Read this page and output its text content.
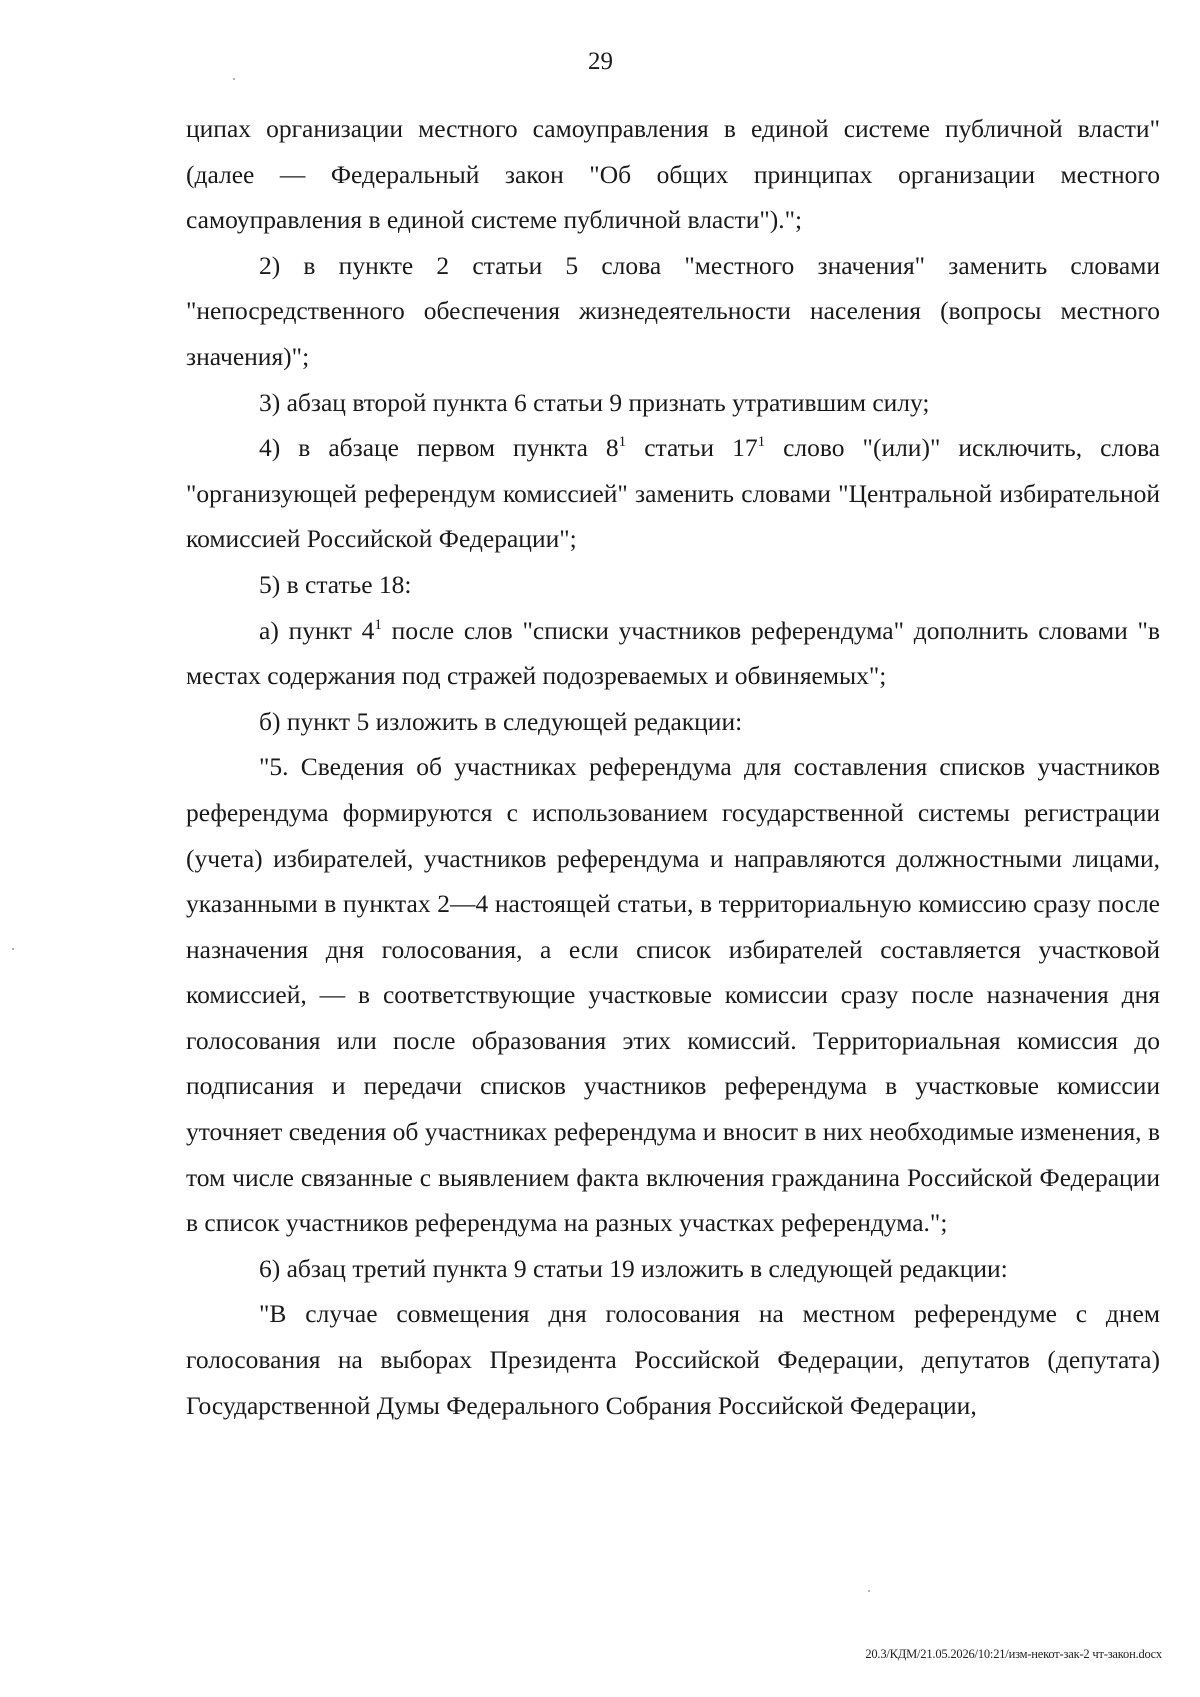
29

ципах организации местного самоуправления в единой системе публичной власти" (далее — Федеральный закон "Об общих принципах организации местного самоуправления в единой системе публичной власти").";

2) в пункте 2 статьи 5 слова "местного значения" заменить словами "непосредственного обеспечения жизнедеятельности населения (вопросы местного значения)";

3) абзац второй пункта 6 статьи 9 признать утратившим силу;

4) в абзаце первом пункта $8^1$ статьи $17^1$ слово "(или)" исключить, слова "организующей референдум комиссией" заменить словами "Центральной избирательной комиссией Российской Федерации";

5) в статье 18:

а) пункт $4^1$ после слов "списки участников референдума" дополнить словами "в местах содержания под стражей подозреваемых и обвиняемых";

б) пункт 5 изложить в следующей редакции:

"5. Сведения об участниках референдума для составления списков участников референдума формируются с использованием государственной системы регистрации (учета) избирателей, участников референдума и направляются должностными лицами, указанными в пунктах 2—4 настоящей статьи, в территориальную комиссию сразу после назначения дня голосования, а если список избирателей составляется участковой комиссией, — в соответствующие участковые комиссии сразу после назначения дня голосования или после образования этих комиссий. Территориальная комиссия до подписания и передачи списков участников референдума в участковые комиссии уточняет сведения об участниках референдума и вносит в них необходимые изменения, в том числе связанные с выявлением факта включения гражданина Российской Федерации в список участников референдума на разных участках референдума.";

6) абзац третий пункта 9 статьи 19 изложить в следующей редакции:

"В случае совмещения дня голосования на местном референдуме с днем голосования на выборах Президента Российской Федерации, депутатов (депутата) Государственной Думы Федерального Собрания Российской Федерации,

20.3/КДМ/21.05.2026/10:21/изм-некот-зак-2 чт-закон.docx
